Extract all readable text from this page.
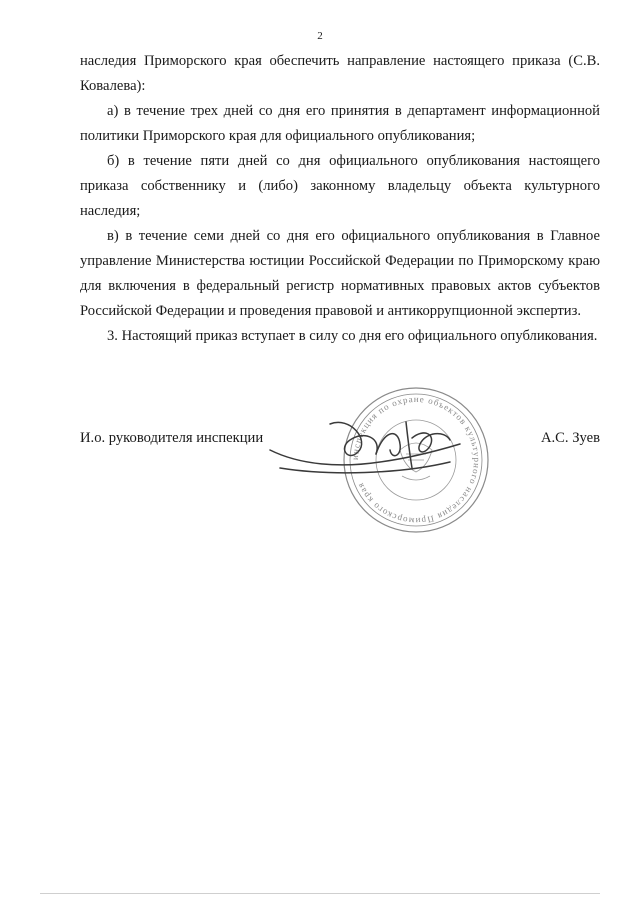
2

наследия Приморского края обеспечить направление настоящего приказа (С.В. Ковалева):

а) в течение трех дней со дня его принятия в департамент информационной политики Приморского края для официального опубликования;

б) в течение пяти дней со дня официального опубликования настоящего приказа собственнику и (либо) законному владельцу объекта культурного наследия;

в) в течение семи дней со дня его официального опубликования в Главное управление Министерства юстиции Российской Федерации по Приморскому краю для включения в федеральный регистр нормативных правовых актов субъектов Российской Федерации и проведения правовой и антикоррупционной экспертиз.

3. Настоящий приказ вступает в силу со дня его официального опубликования.

инспекция по охране объектов культурного наследия Приморского края
И.о. руководителя инспекции	А.С. Зуев
